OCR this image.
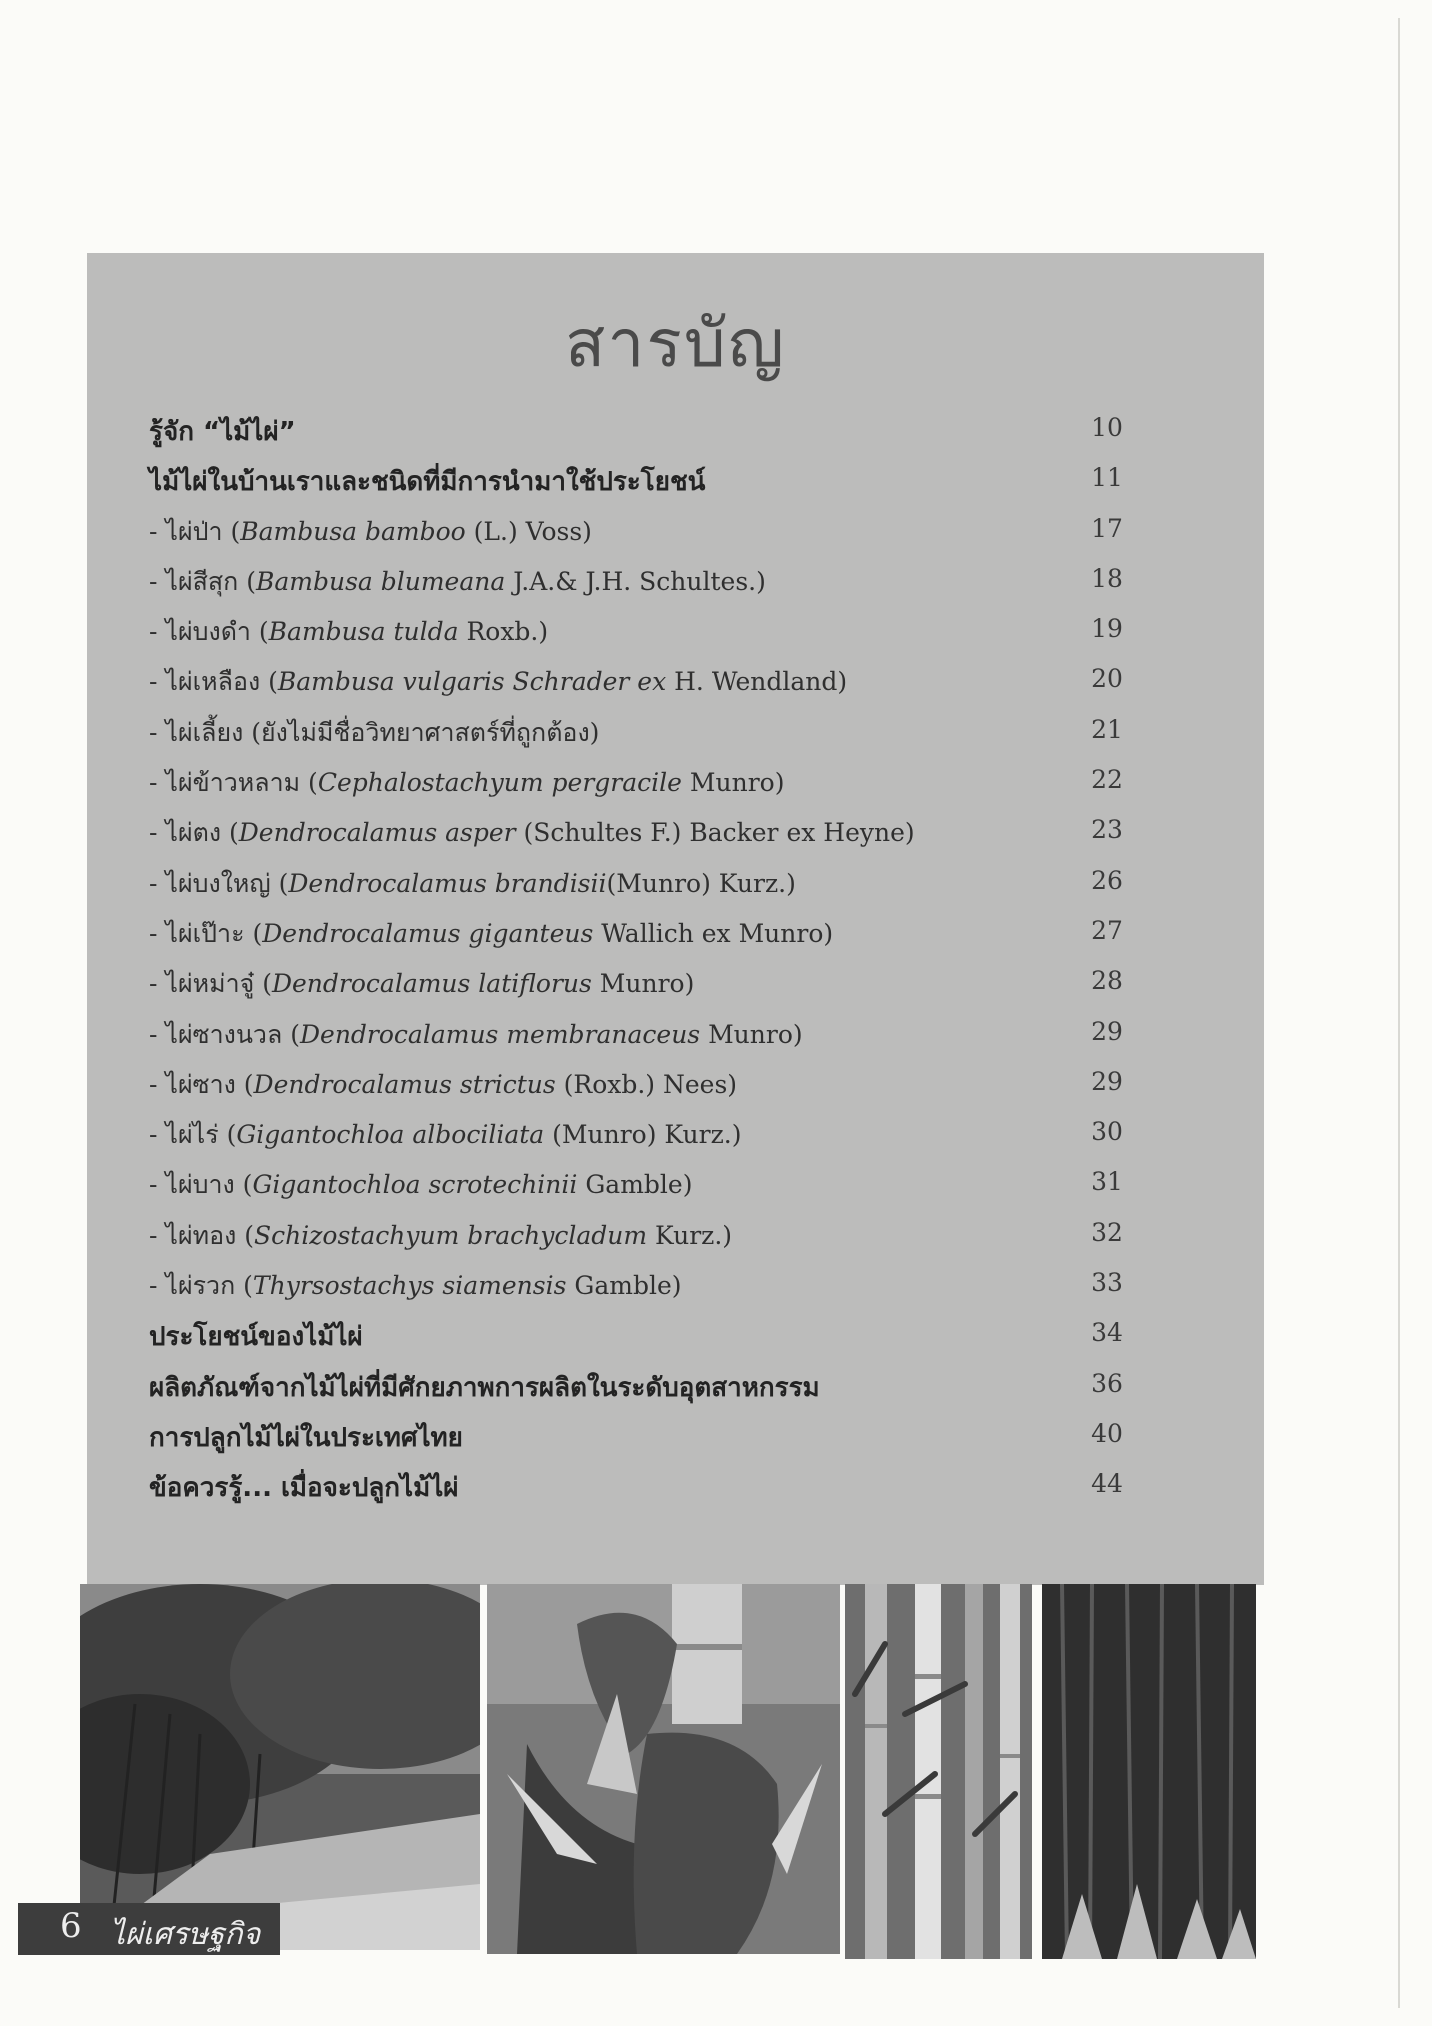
สารบัญ
รู้จัก “ไม้ไผ่”	10
ไม้ไผ่ในบ้านเราและชนิดที่มีการนำมาใช้ประโยชน์	11
- ไผ่ป่า (Bambusa bamboo (L.) Voss)	17
- ไผ่สีสุก (Bambusa blumeana J.A.& J.H. Schultes.)	18
- ไผ่บงดำ (Bambusa tulda Roxb.)	19
- ไผ่เหลือง (Bambusa vulgaris Schrader ex H. Wendland)	20
- ไผ่เลี้ยง (ยังไม่มีชื่อวิทยาศาสตร์ที่ถูกต้อง)	21
- ไผ่ข้าวหลาม (Cephalostachyum pergracile Munro)	22
- ไผ่ตง (Dendrocalamus asper (Schultes F.) Backer ex Heyne)	23
- ไผ่บงใหญ่ (Dendrocalamus brandisii(Munro) Kurz.)	26
- ไผ่เป๊าะ (Dendrocalamus giganteus Wallich ex Munro)	27
- ไผ่หม่าจู๋ (Dendrocalamus latiflorus Munro)	28
- ไผ่ซางนวล (Dendrocalamus membranaceus Munro)	29
- ไผ่ซาง (Dendrocalamus strictus (Roxb.) Nees)	29
- ไผ่ไร่ (Gigantochloa albociliata (Munro) Kurz.)	30
- ไผ่บาง (Gigantochloa scrotechinii Gamble)	31
- ไผ่ทอง (Schizostachyum brachycladum Kurz.)	32
- ไผ่รวก (Thyrsostachys siamensis Gamble)	33
ประโยชน์ของไม้ไผ่	34
ผลิตภัณฑ์จากไม้ไผ่ที่มีศักยภาพการผลิตในระดับอุตสาหกรรม	36
การปลูกไม้ไผ่ในประเทศไทย	40
ข้อควรรู้... เมื่อจะปลูกไม้ไผ่	44
6 ไผ่เศรษฐกิจ
